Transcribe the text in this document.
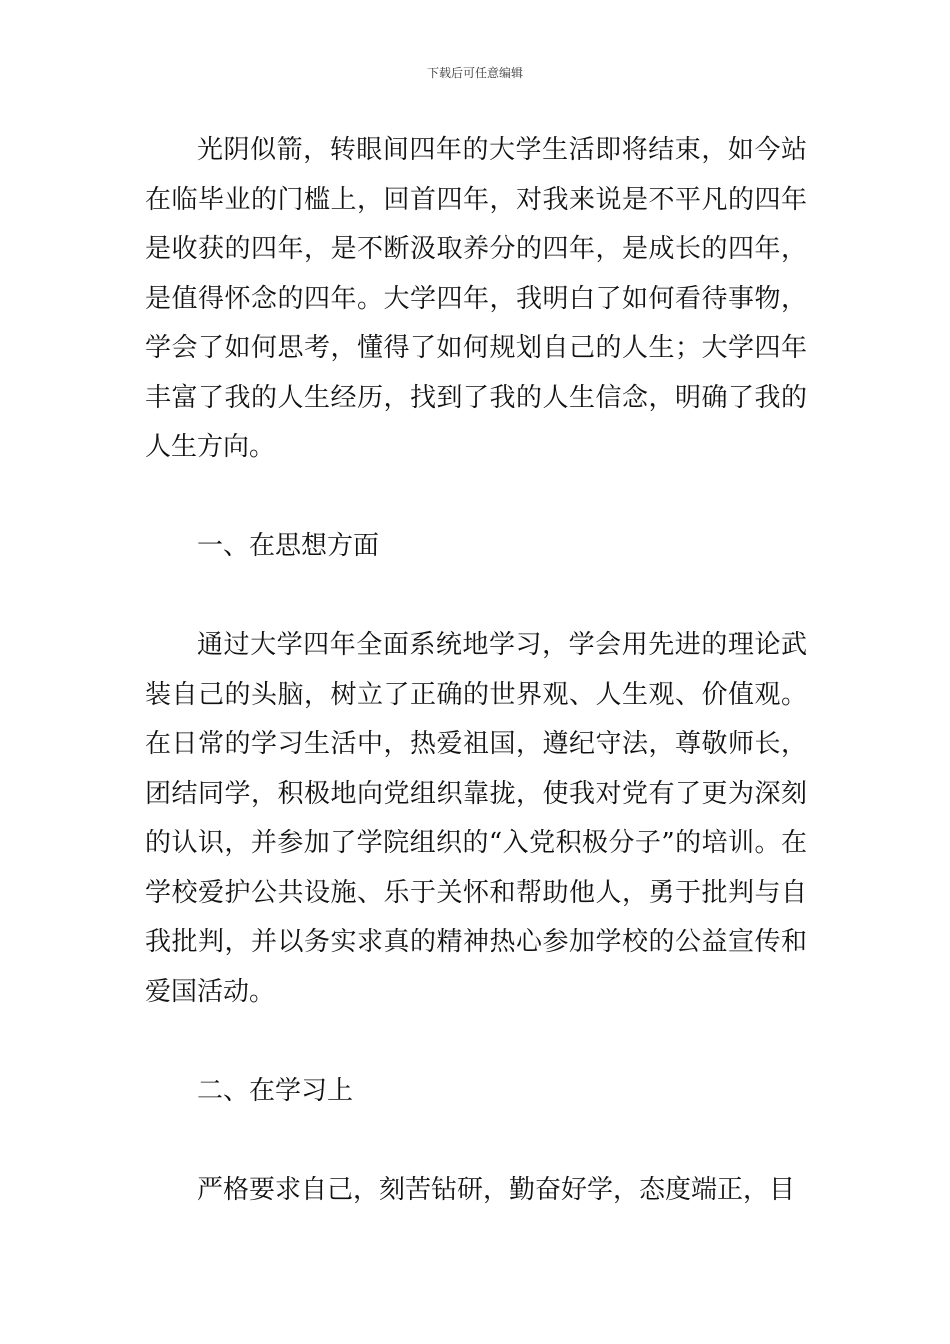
下载后可任意编辑

光阴似箭，转眼间四年的大学生活即将结束，如今站在临毕业的门槛上，回首四年，对我来说是不平凡的四年是收获的四年，是不断汲取养分的四年，是成长的四年，是值得怀念的四年。大学四年，我明白了如何看待事物，学会了如何思考，懂得了如何规划自己的人生；大学四年丰富了我的人生经历，找到了我的人生信念，明确了我的人生方向。

一、在思想方面

通过大学四年全面系统地学习，学会用先进的理论武装自己的头脑，树立了正确的世界观、人生观、价值观。在日常的学习生活中，热爱祖国，遵纪守法，尊敬师长，团结同学，积极地向党组织靠拢，使我对党有了更为深刻的认识，并参加了学院组织的“入党积极分子”的培训。在学校爱护公共设施、乐于关怀和帮助他人，勇于批判与自我批判，并以务实求真的精神热心参加学校的公益宣传和爱国活动。

二、在学习上

严格要求自己，刻苦钻研，勤奋好学，态度端正，目
